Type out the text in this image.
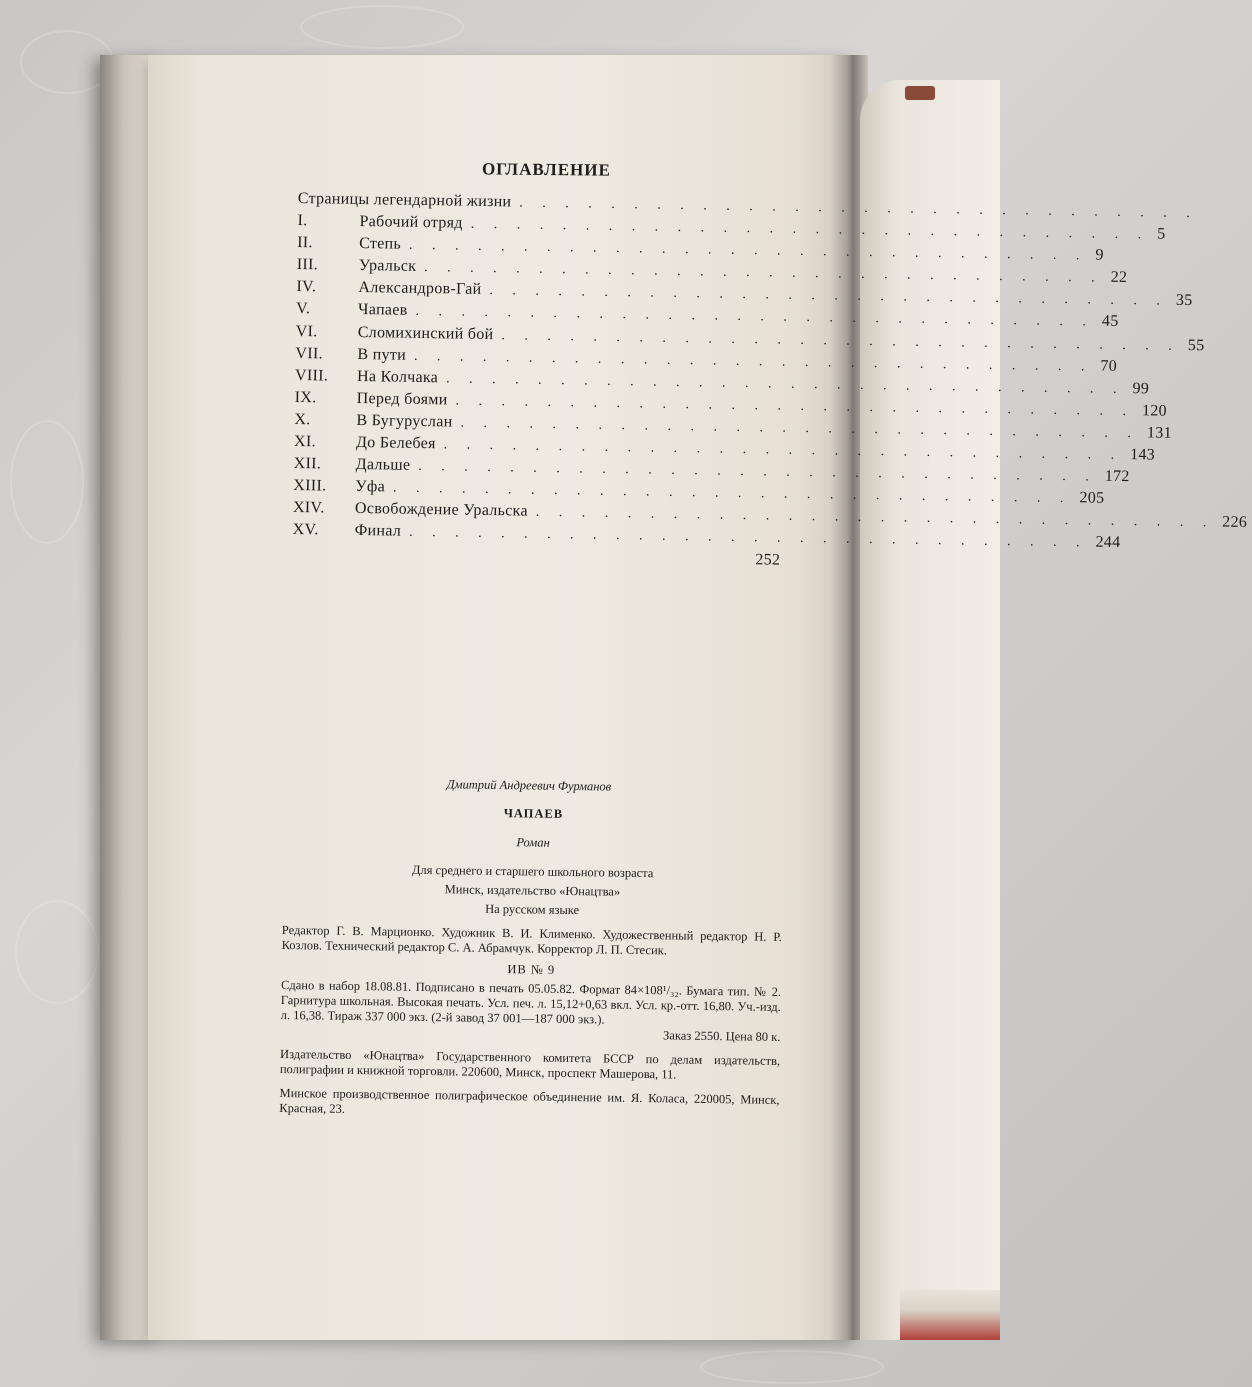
ОГЛАВЛЕНИЕ
Страницы легендарной жизни . . . . . . . . . . . . . . . . . . . . . . . . . . . . . .
I.	Рабочий отряд . . . . . . . . . . . . . . . . . . . . . . . . . . . . . . 5
II.	Степь . . . . . . . . . . . . . . . . . . . . . . . . . . . . . . 9
III.	Уральск . . . . . . . . . . . . . . . . . . . . . . . . . . . . . . 22
IV.	Александров-Гай . . . . . . . . . . . . . . . . . . . . . . . . . . . . . . 35
V.	Чапаев . . . . . . . . . . . . . . . . . . . . . . . . . . . . . . 45
VI.	Сломихинский бой . . . . . . . . . . . . . . . . . . . . . . . . . . . . . . 55
VII.	В пути . . . . . . . . . . . . . . . . . . . . . . . . . . . . . . 70
VIII.	На Колчака . . . . . . . . . . . . . . . . . . . . . . . . . . . . . . 99
IX.	Перед боями . . . . . . . . . . . . . . . . . . . . . . . . . . . . . . 120
X.	В Бугуруслан . . . . . . . . . . . . . . . . . . . . . . . . . . . . . . 131
XI.	До Белебея . . . . . . . . . . . . . . . . . . . . . . . . . . . . . . 143
XII.	Дальше . . . . . . . . . . . . . . . . . . . . . . . . . . . . . . 172
XIII.	Уфа . . . . . . . . . . . . . . . . . . . . . . . . . . . . . . 205
XIV.	Освобождение Уральска . . . . . . . . . . . . . . . . . . . . . . . . . . . . . . 226
XV.	Финал . . . . . . . . . . . . . . . . . . . . . . . . . . . . . . 244
252
Дмитрий Андреевич Фурманов
ЧАПАЕВ
Роман
Для среднего и старшего школьного возраста
Минск, издательство «Юнацтва»
На русском языке
Редактор Г. В. Марционко. Художник В. И. Клименко. Художественный редактор Н. Р. Козлов. Технический редактор С. А. Абрамчук. Корректор Л. П. Стесик.
ИВ № 9
Сдано в набор 18.08.81. Подписано в печать 05.05.82. Формат 84×108¹/₃₂. Бумага тип. № 2. Гарнитура школьная. Высокая печать. Усл. печ. л. 15,12+0,63 вкл. Усл. кр.-отт. 16,80. Уч.-изд. л. 16,38. Тираж 337 000 экз. (2-й завод 37 001—187 000 экз.).
Заказ 2550. Цена 80 к.
Издательство «Юнацтва» Государственного комитета БССР по делам издательств, полиграфии и книжной торговли. 220600, Минск, проспект Машерова, 11.
Минское производственное полиграфическое объединение им. Я. Коласа, 220005, Минск, Красная, 23.
